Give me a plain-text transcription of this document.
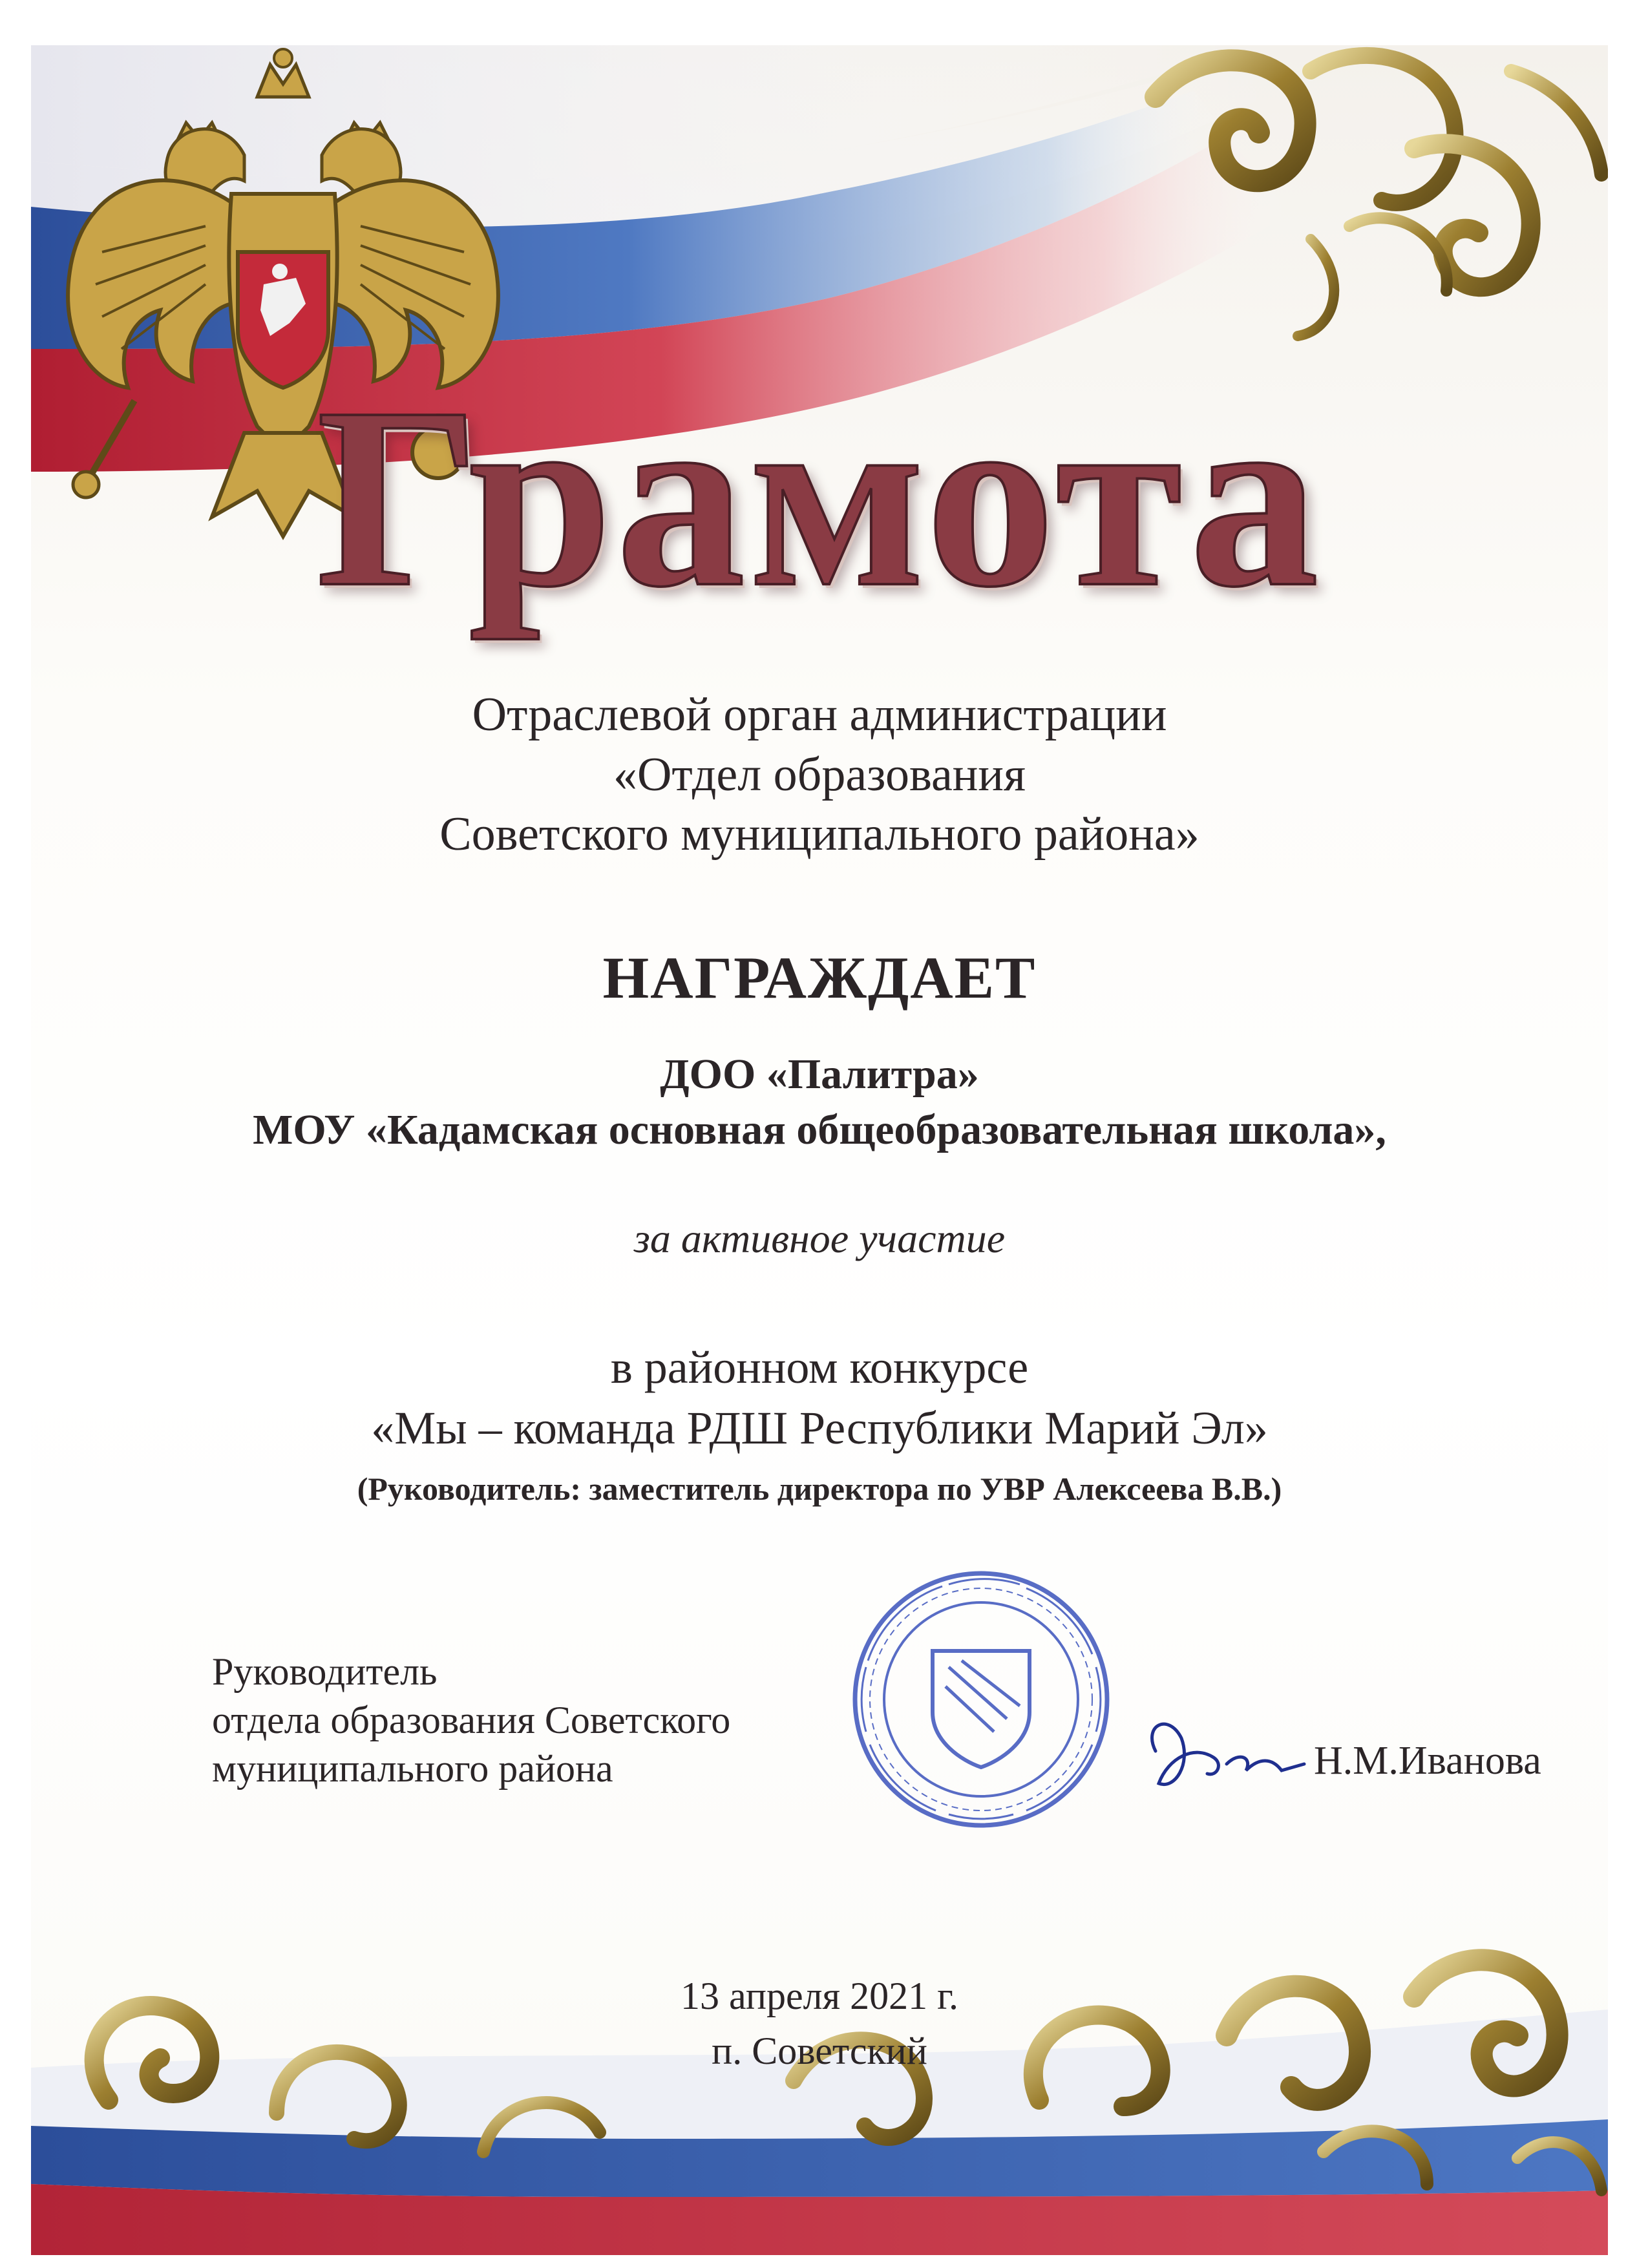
Грамота
Отраслевой орган администрации
«Отдел образования
Советского муниципального района»
НАГРАЖДАЕТ
ДОО «Палитра»
МОУ «Кадамская основная общеобразовательная школа»,
за активное участие
в районном конкурсе
«Мы – команда РДШ Республики Марий Эл»
(Руководитель: заместитель директора по УВР Алексеева В.В.)
Руководитель
отдела образования Советского
муниципального района	Н.М.Иванова
13 апреля 2021 г.
п. Советский
